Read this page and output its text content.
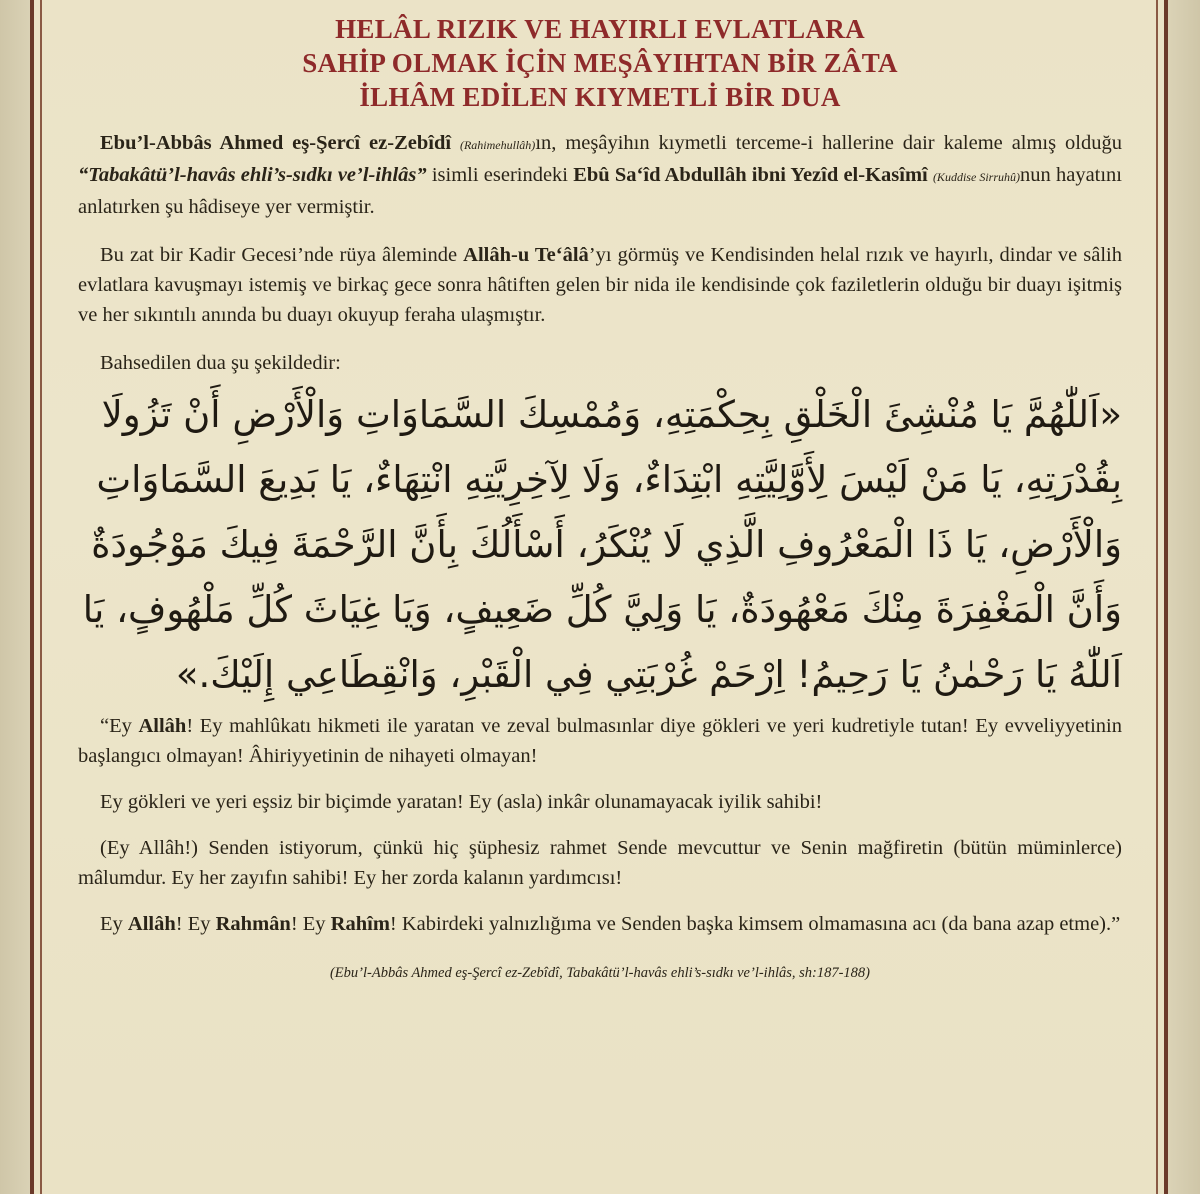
HELÂL RIZIK VE HAYIRLI EVLATLARA
SAHİP OLMAK İÇİN MEŞÂYIHTAN BİR ZÂTA
İLHÂM EDİLEN KIYMETLİ BİR DUA

Ebu’l-Abbâs Ahmed eş-Şercî ez-Zebîdî (Rahimehullâh)ın, meşâyihın kıymetli terceme-i hallerine dair kaleme almış olduğu “Tabakâtü’l-havâs ehli’s-sıdkı ve’l-ihlâs” isimli eserindeki Ebû Sa‘îd Abdullâh ibni Yezîd el-Kasîmî (Kuddise Sirruhû)nun hayatını anlatırken şu hâdiseye yer vermiştir.

Bu zat bir Kadir Gecesi’nde rüya âleminde Allâh-u Te‘âlâ’yı görmüş ve Kendisinden helal rızık ve hayırlı, dindar ve sâlih evlatlara kavuşmayı istemiş ve birkaç gece sonra hâtiften gelen bir nida ile kendisinde çok faziletlerin olduğu bir duayı işitmiş ve her sıkıntılı anında bu duayı okuyup feraha ulaşmıştır.

Bahsedilen dua şu şekildedir:

«اَللّٰهُمَّ يَا مُنْشِئَ الْخَلْقِ بِحِكْمَتِهِ، وَمُمْسِكَ السَّمَاوَاتِ وَالْأَرْضِ أَنْ تَزُولَا
بِقُدْرَتِهِ، يَا مَنْ لَيْسَ لِأَوَّلِيَّتِهِ ابْتِدَاءٌ، وَلَا لِآخِرِيَّتِهِ انْتِهَاءٌ، يَا بَدِيعَ السَّمَاوَاتِ
وَالْأَرْضِ، يَا ذَا الْمَعْرُوفِ الَّذِي لَا يُنْكَرُ، أَسْأَلُكَ بِأَنَّ الرَّحْمَةَ فِيكَ مَوْجُودَةٌ
وَأَنَّ الْمَغْفِرَةَ مِنْكَ مَعْهُودَةٌ، يَا وَلِيَّ كُلِّ ضَعِيفٍ، وَيَا غِيَاثَ كُلِّ مَلْهُوفٍ، يَا
اَللّٰهُ يَا رَحْمٰنُ يَا رَحِيمُ! اِرْحَمْ غُرْبَتِي فِي الْقَبْرِ، وَانْقِطَاعِي إِلَيْكَ.»

“Ey Allâh! Ey mahlûkatı hikmeti ile yaratan ve zeval bulmasınlar diye gökleri ve yeri kudretiyle tutan! Ey evveliyyetinin başlangıcı olmayan! Âhiriyyetinin de nihayeti olmayan!

Ey gökleri ve yeri eşsiz bir biçimde yaratan! Ey (asla) inkâr olunamayacak iyilik sahibi!

(Ey Allâh!) Senden istiyorum, çünkü hiç şüphesiz rahmet Sende mevcuttur ve Senin mağfiretin (bütün müminlerce) mâlumdur. Ey her zayıfın sahibi! Ey her zorda kalanın yardımcısı!

Ey Allâh! Ey Rahmân! Ey Rahîm! Kabirdeki yalnızlığıma ve Senden başka kimsem olmamasına acı (da bana azap etme).”

(Ebu’l-Abbâs Ahmed eş-Şercî ez-Zebîdî, Tabakâtü’l-havâs ehli’s-sıdkı ve’l-ihlâs, sh:187-188)
